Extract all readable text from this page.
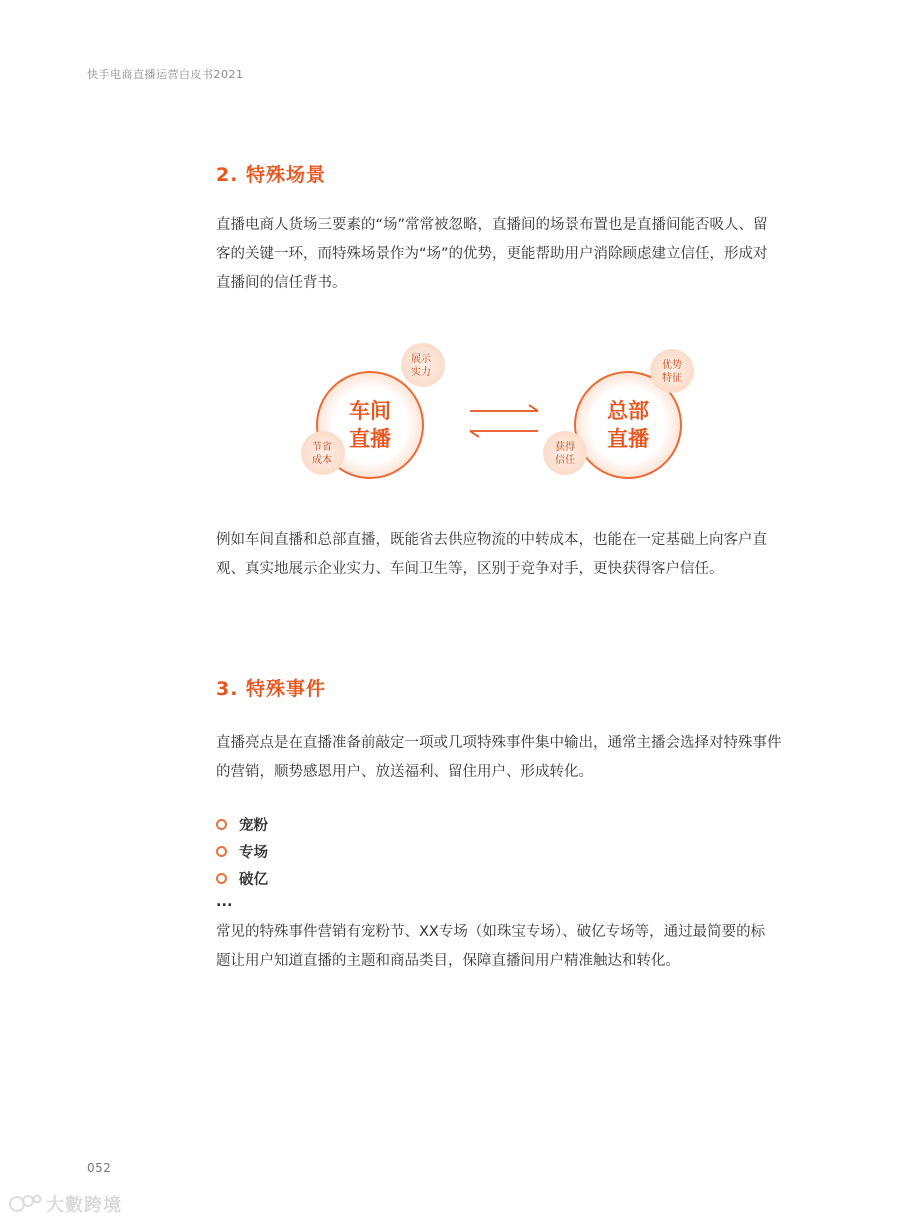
快手电商直播运营白皮书2021
2. 特殊场景
直播电商人货场三要素的“场”常常被忽略，直播间的场景布置也是直播间能否吸人、留
客的关键一环，而特殊场景作为“场”的优势，更能帮助用户消除顾虑建立信任，形成对
直播间的信任背书。
车间
直播
展示
实力
节省
成本
总部
直播
优势
特征
获得
信任
例如车间直播和总部直播，既能省去供应物流的中转成本，也能在一定基础上向客户直
观、真实地展示企业实力、车间卫生等，区别于竞争对手，更快获得客户信任。
3. 特殊事件
直播亮点是在直播准备前敲定一项或几项特殊事件集中输出，通常主播会选择对特殊事件
的营销，顺势感恩用户、放送福利、留住用户、形成转化。
宠粉
专场
破亿
...
常见的特殊事件营销有宠粉节、XX专场（如珠宝专场）、破亿专场等，通过最简要的标
题让用户知道直播的主题和商品类目，保障直播间用户精准触达和转化。
052
大數跨境
